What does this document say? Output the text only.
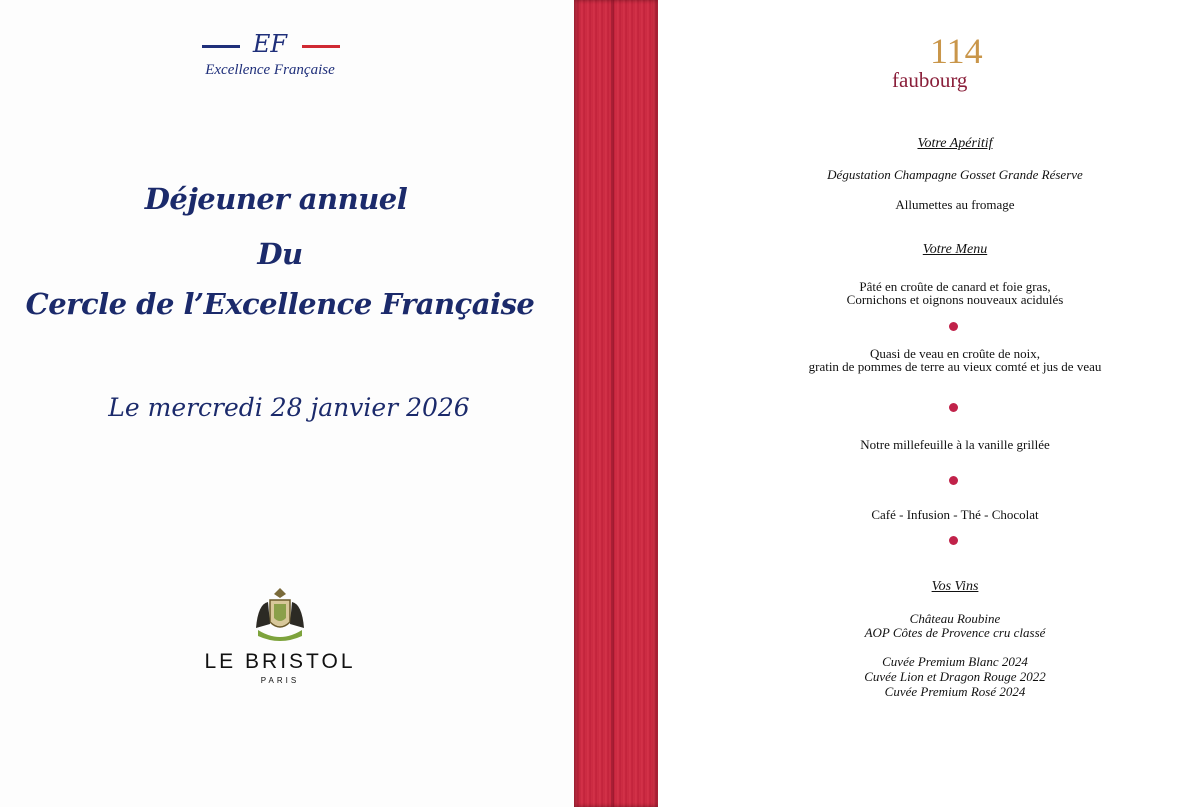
EF
Excellence Française
Déjeuner annuel
Du
Cercle de l’Excellence Française
Le mercredi 28 janvier 2026
LE BRISTOL
PARIS
114
faubourg
Votre Apéritif
Dégustation Champagne Gosset Grande Réserve
Allumettes au fromage
Votre Menu
Pâté en croûte de canard et foie gras,
Cornichons et oignons nouveaux acidulés
Quasi de veau en croûte de noix,
gratin de pommes de terre au vieux comté et jus de veau
Notre millefeuille à la vanille grillée
Café - Infusion - Thé - Chocolat
Vos Vins
Château Roubine
AOP Côtes de Provence cru classé
Cuvée Premium Blanc 2024
Cuvée Lion et Dragon Rouge 2022
Cuvée Premium Rosé 2024
